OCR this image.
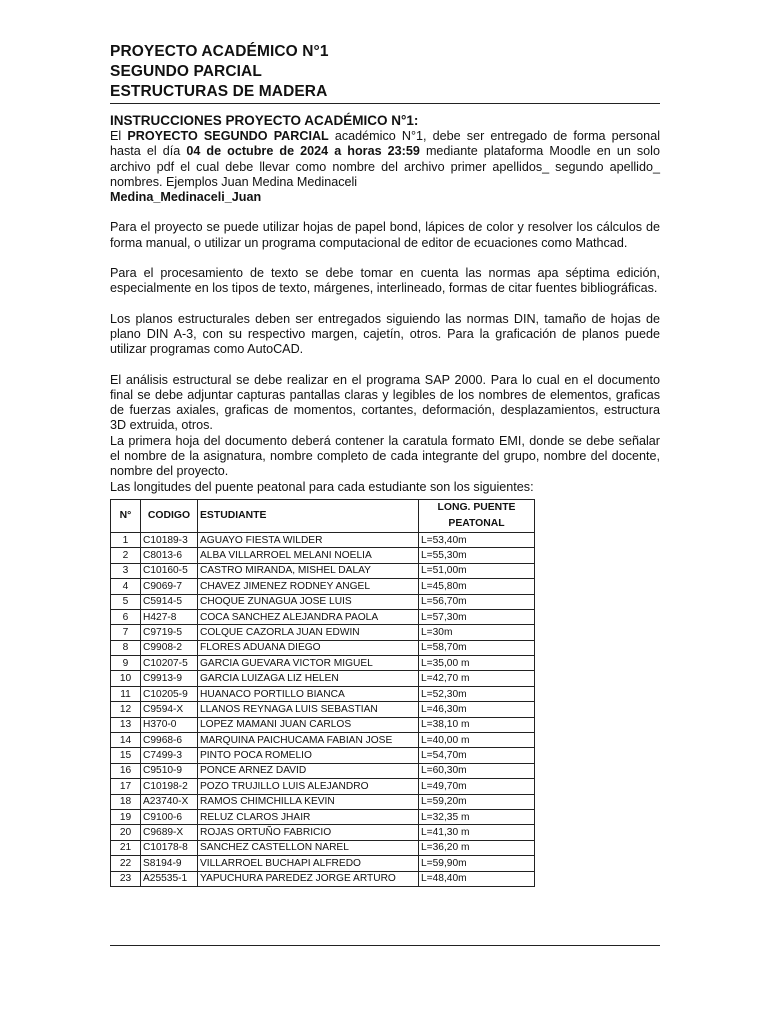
PROYECTO ACADÉMICO N°1
SEGUNDO PARCIAL
ESTRUCTURAS DE MADERA
INSTRUCCIONES PROYECTO ACADÉMICO N°1:

El PROYECTO SEGUNDO PARCIAL académico N°1, debe ser entregado de forma personal hasta el día 04 de octubre de 2024 a horas 23:59 mediante plataforma Moodle en un solo archivo pdf el cual debe llevar como nombre del archivo primer apellidos_ segundo apellido_ nombres. Ejemplos Juan Medina Medinaceli
Medina_Medinaceli_Juan

Para el proyecto se puede utilizar hojas de papel bond, lápices de color y resolver los cálculos de forma manual, o utilizar un programa computacional de editor de ecuaciones como Mathcad.

Para el procesamiento de texto se debe tomar en cuenta las normas apa séptima edición, especialmente en los tipos de texto, márgenes, interlineado, formas de citar fuentes bibliográficas.

Los planos estructurales deben ser entregados siguiendo las normas DIN, tamaño de hojas de plano DIN A-3, con su respectivo margen, cajetín, otros. Para la graficación de planos puede utilizar programas como AutoCAD.

El análisis estructural se debe realizar en el programa SAP 2000. Para lo cual en el documento final se debe adjuntar capturas pantallas claras y legibles de los nombres de elementos, graficas de fuerzas axiales, graficas de momentos, cortantes, deformación, desplazamientos, estructura 3D extruida, otros.

La primera hoja del documento deberá contener la caratula formato EMI, donde se debe señalar el nombre de la asignatura, nombre completo de cada integrante del grupo, nombre del docente, nombre del proyecto.

Las longitudes del puente peatonal para cada estudiante son los siguientes:

N°	CODIGO	ESTUDIANTE	LONG. PUENTE
PEATONAL
1	C10189-3	AGUAYO FIESTA WILDER	L=53,40m
2	C8013-6	ALBA VILLARROEL MELANI NOELIA	L=55,30m
3	C10160-5	CASTRO MIRANDA, MISHEL DALAY	L=51,00m
4	C9069-7	CHAVEZ JIMENEZ RODNEY ANGEL	L=45,80m
5	C5914-5	CHOQUE ZUNAGUA JOSE LUIS	L=56,70m
6	H427-8	COCA SANCHEZ ALEJANDRA PAOLA	L=57,30m
7	C9719-5	COLQUE CAZORLA JUAN EDWIN	L=30m
8	C9908-2	FLORES ADUANA DIEGO	L=58,70m
9	C10207-5	GARCIA GUEVARA VICTOR MIGUEL	L=35,00 m
10	C9913-9	GARCIA LUIZAGA LIZ HELEN	L=42,70 m
11	C10205-9	HUANACO PORTILLO BIANCA	L=52,30m
12	C9594-X	LLANOS REYNAGA LUIS SEBASTIAN	L=46,30m
13	H370-0	LOPEZ MAMANI JUAN CARLOS	L=38,10 m
14	C9968-6	MARQUINA PAICHUCAMA FABIAN JOSE	L=40,00 m
15	C7499-3	PINTO POCA ROMELIO	L=54,70m
16	C9510-9	PONCE ARNEZ DAVID	L=60,30m
17	C10198-2	POZO TRUJILLO LUIS ALEJANDRO	L=49,70m
18	A23740-X	RAMOS CHIMCHILLA KEVIN	L=59,20m
19	C9100-6	RELUZ CLAROS JHAIR	L=32,35 m
20	C9689-X	ROJAS ORTUÑO FABRICIO	L=41,30 m
21	C10178-8	SANCHEZ CASTELLON NAREL	L=36,20 m
22	S8194-9	VILLARROEL BUCHAPI ALFREDO	L=59,90m
23	A25535-1	YAPUCHURA PAREDEZ JORGE ARTURO	L=48,40m
